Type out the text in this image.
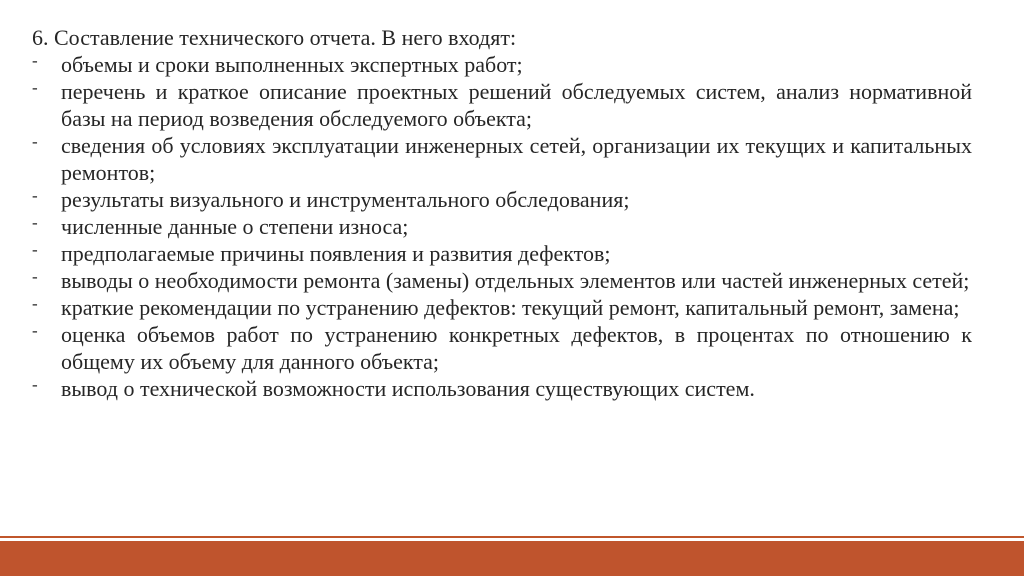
6. Составление технического отчета. В него входят:

- объемы и сроки выполненных экспертных работ;
- перечень и краткое описание проектных решений обследуемых систем, анализ нормативной базы на период возведения обследуемого объекта;
- сведения об условиях эксплуатации инженерных сетей, организации их текущих и капитальных ремонтов;
- результаты визуального и инструментального обследования;
- численные данные о степени износа;
- предполагаемые причины появления и развития дефектов;
- выводы о необходимости ремонта (замены) отдельных элементов или частей инженерных сетей;
- краткие рекомендации по устранению дефектов: текущий ремонт, капитальный ремонт, замена;
- оценка объемов работ по устранению конкретных дефектов, в процентах по отношению к общему их объему для данного объекта;
- вывод о технической возможности использования существующих систем.
